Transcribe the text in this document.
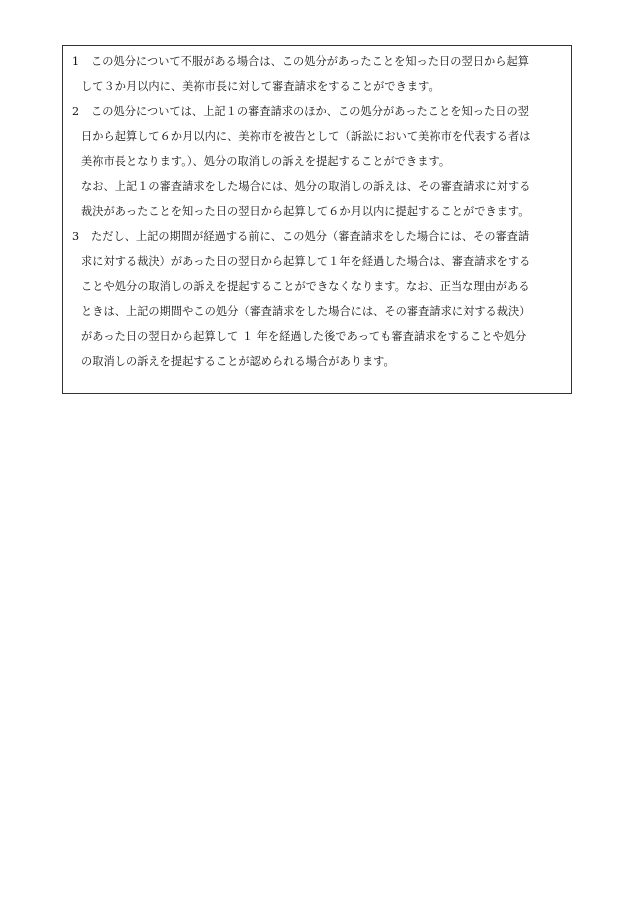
1	この処分について不服がある場合は、この処分があったことを知った日の翌日から起算
して３か月以内に、美祢市長に対して審査請求をすることができます。
2	この処分については、上記１の審査請求のほか、この処分があったことを知った日の翌
日から起算して６か月以内に、美祢市を被告として（訴訟において美祢市を代表する者は
美祢市長となります。）、処分の取消しの訴えを提起することができます。
なお、上記１の審査請求をした場合には、処分の取消しの訴えは、その審査請求に対する
裁決があったことを知った日の翌日から起算して６か月以内に提起することができます。
3	ただし、上記の期間が経過する前に、この処分（審査請求をした場合には、その審査請
求に対する裁決）があった日の翌日から起算して１年を経過した場合は、審査請求をする
ことや処分の取消しの訴えを提起することができなくなります。なお、正当な理由がある
ときは、上記の期間やこの処分（審査請求をした場合には、その審査請求に対する裁決）
があった日の翌日から起算して １ 年を経過した後であっても審査請求をすることや処分
の取消しの訴えを提起することが認められる場合があります。
